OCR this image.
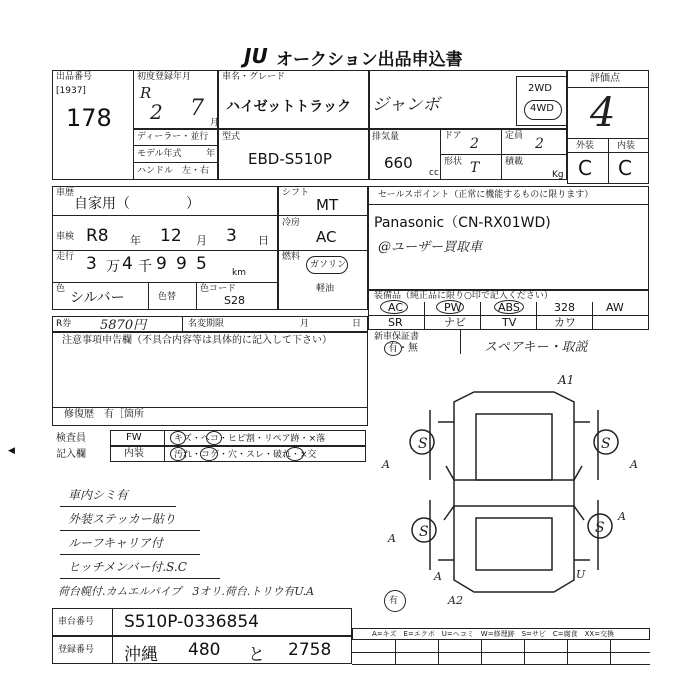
JU オークション出品申込書
出品番号
[1937]
178
初度登録年月
R
2 7
月
車名・グレード
ハイゼットトラック ジャンボ
2WD
4WD
評価点
4
外装	内装
C C
ディーラー・並行
モデル年式	年
ハンドル　左・右
型式
EBD-S510P
排気量
660
cc
ドア 2	定員 2
形状 T	積載
Kg
車歴
自家用（　　　　）
車検 R8 年 12 月 3 日
走行 3 万 4 千 9 9 5	km
色
シルバー	色替
色コード
S28
シフト
MT
冷房
AC
燃料
ガソリン
軽油
セールスポイント（正常に機能するものに限ります）
Panasonic（CN-RX01WD)
@ユーザー買取車
装備品（純正品に限り○印で記入ください）
AC	PW	ABS	328	AW
SR	ナビ	TV	カワ
新車保証書
有・無	スペアキー・取説
R券 5870円	名変期限	月	日
注意事項申告欄（不具合内容等は具体的に記入して下さい）
修復歴　有［箇所
検査員	FW	キズ・ヘコ・ヒビ割・リペア跡・×落
記入欄	内装	汚れ・コゲ・穴・スレ・破れ・×交
◀
車内シミ有
外装ステッカー貼り
ルーフキャリア付
ヒッチメンバー付.S.C
荷台幌付.カムエルパイプ　3オリ.荷台.トリウ有U.A
有
S	S
S	S
A1
A	A
A
A
A
A2
U
車台番号 S510P-0336854
登録番号 沖縄 480 と 2758
A=キズ　E=エクボ　U=ヘコミ　W=修理跡　S=サビ　C=腐食　XX=交換
